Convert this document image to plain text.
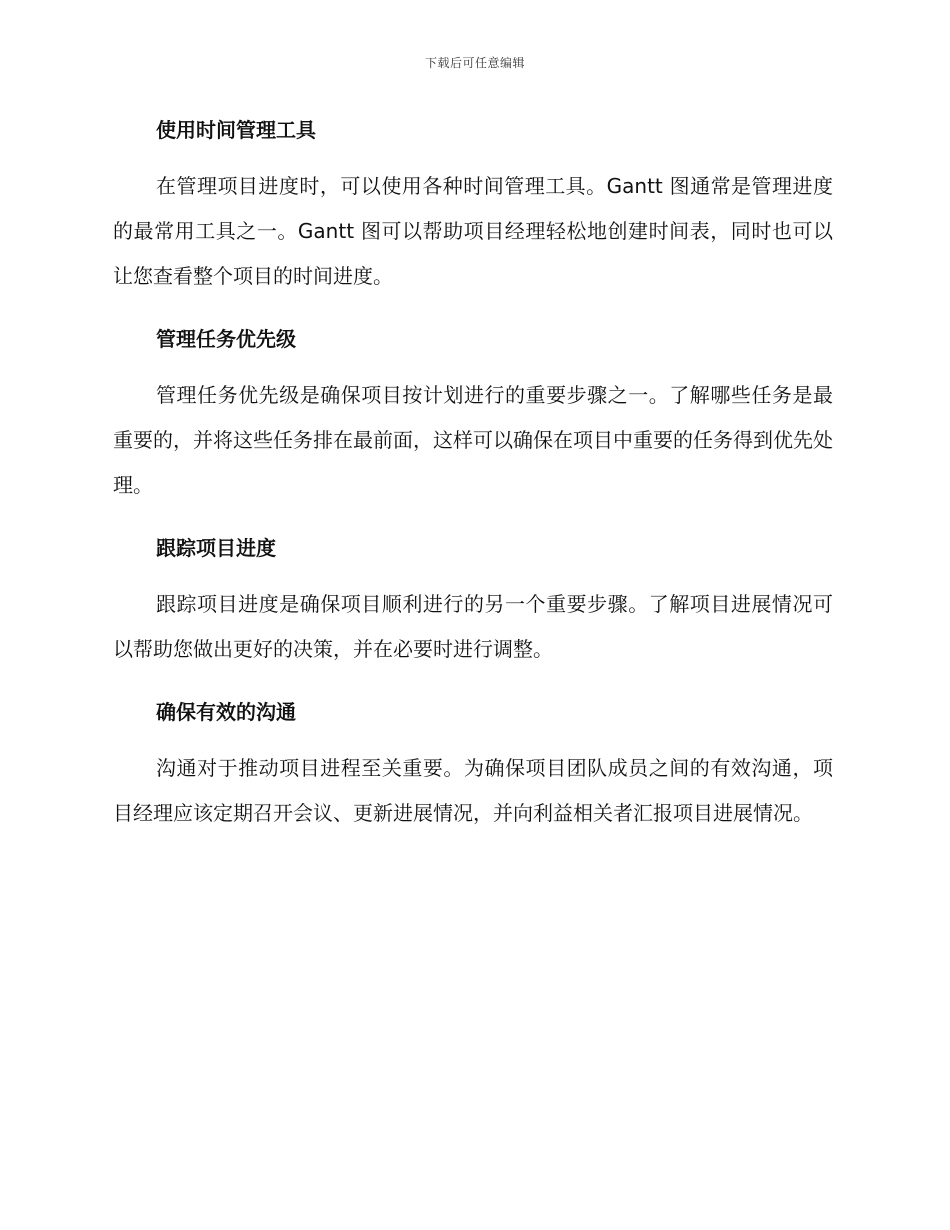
下载后可任意编辑
使用时间管理工具

在管理项目进度时，可以使用各种时间管理工具。Gantt 图通常是管理进度的最常用工具之一。Gantt 图可以帮助项目经理轻松地创建时间表，同时也可以让您查看整个项目的时间进度。

管理任务优先级

管理任务优先级是确保项目按计划进行的重要步骤之一。了解哪些任务是最重要的，并将这些任务排在最前面，这样可以确保在项目中重要的任务得到优先处理。

跟踪项目进度

跟踪项目进度是确保项目顺利进行的另一个重要步骤。了解项目进展情况可以帮助您做出更好的决策，并在必要时进行调整。

确保有效的沟通

沟通对于推动项目进程至关重要。为确保项目团队成员之间的有效沟通，项目经理应该定期召开会议、更新进展情况，并向利益相关者汇报项目进展情况。
